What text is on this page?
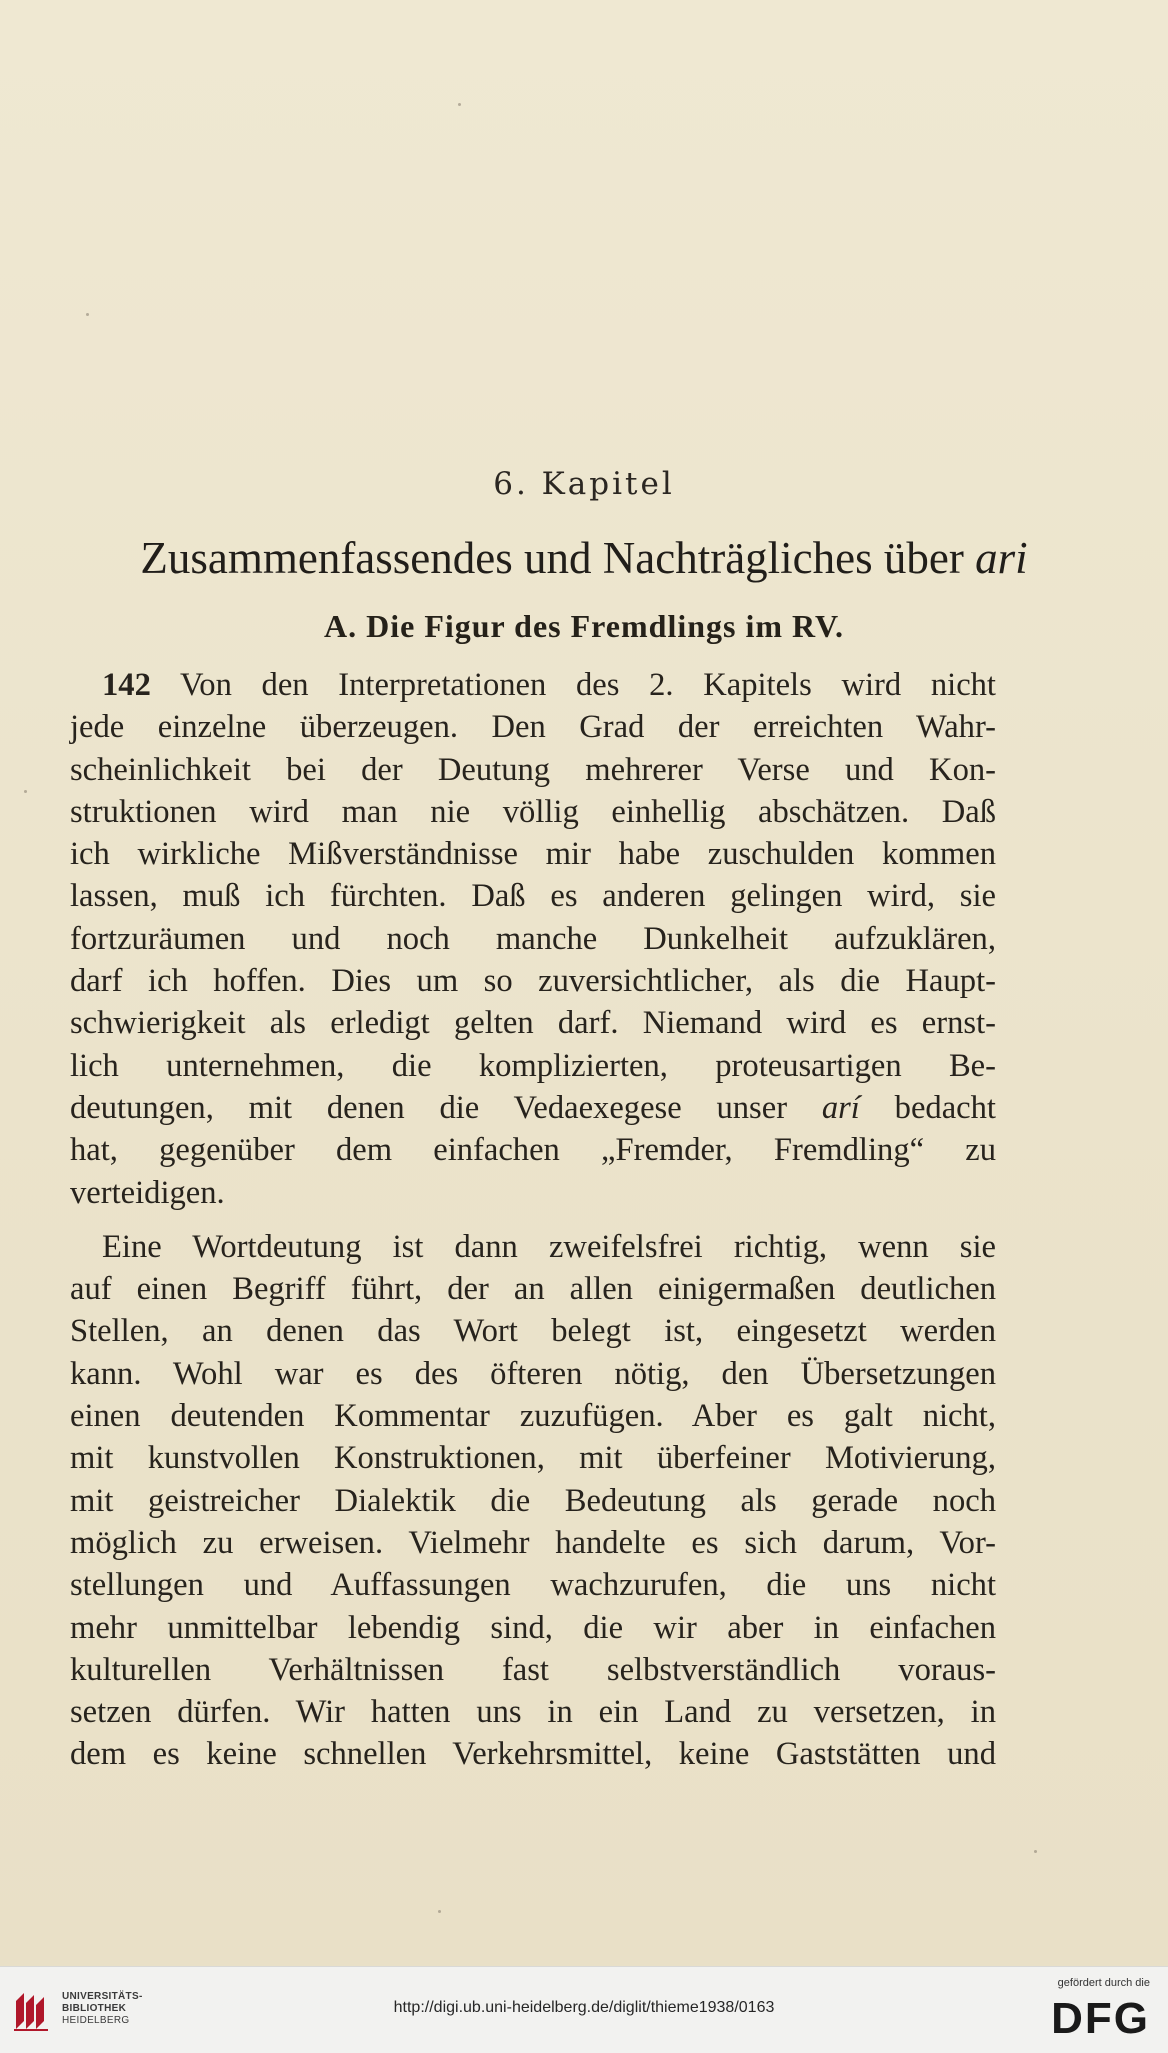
6. Kapitel
Zusammenfassendes und Nachträgliches über ari
A. Die Figur des Fremdlings im RV.
142 Von den Interpretationen des 2. Kapitels wird nicht
jede einzelne überzeugen. Den Grad der erreichten Wahr-
scheinlichkeit bei der Deutung mehrerer Verse und Kon-
struktionen wird man nie völlig einhellig abschätzen. Daß
ich wirkliche Mißverständnisse mir habe zuschulden kommen
lassen, muß ich fürchten. Daß es anderen gelingen wird, sie
fortzuräumen und noch manche Dunkelheit aufzuklären,
darf ich hoffen. Dies um so zuversichtlicher, als die Haupt-
schwierigkeit als erledigt gelten darf. Niemand wird es ernst-
lich unternehmen, die komplizierten, proteusartigen Be-
deutungen, mit denen die Vedaexegese unser arí bedacht
hat, gegenüber dem einfachen „Fremder, Fremdling“ zu
verteidigen.
Eine Wortdeutung ist dann zweifelsfrei richtig, wenn sie
auf einen Begriff führt, der an allen einigermaßen deutlichen
Stellen, an denen das Wort belegt ist, eingesetzt werden
kann. Wohl war es des öfteren nötig, den Übersetzungen
einen deutenden Kommentar zuzufügen. Aber es galt nicht,
mit kunstvollen Konstruktionen, mit überfeiner Motivierung,
mit geistreicher Dialektik die Bedeutung als gerade noch
möglich zu erweisen. Vielmehr handelte es sich darum, Vor-
stellungen und Auffassungen wachzurufen, die uns nicht
mehr unmittelbar lebendig sind, die wir aber in einfachen
kulturellen Verhältnissen fast selbstverständlich voraus-
setzen dürfen. Wir hatten uns in ein Land zu versetzen, in
dem es keine schnellen Verkehrsmittel, keine Gaststätten und
UNIVERSITÄTS-
BIBLIOTHEK
HEIDELBERG
http://digi.ub.uni-heidelberg.de/diglit/thieme1938/0163
gefördert durch die
DFG
